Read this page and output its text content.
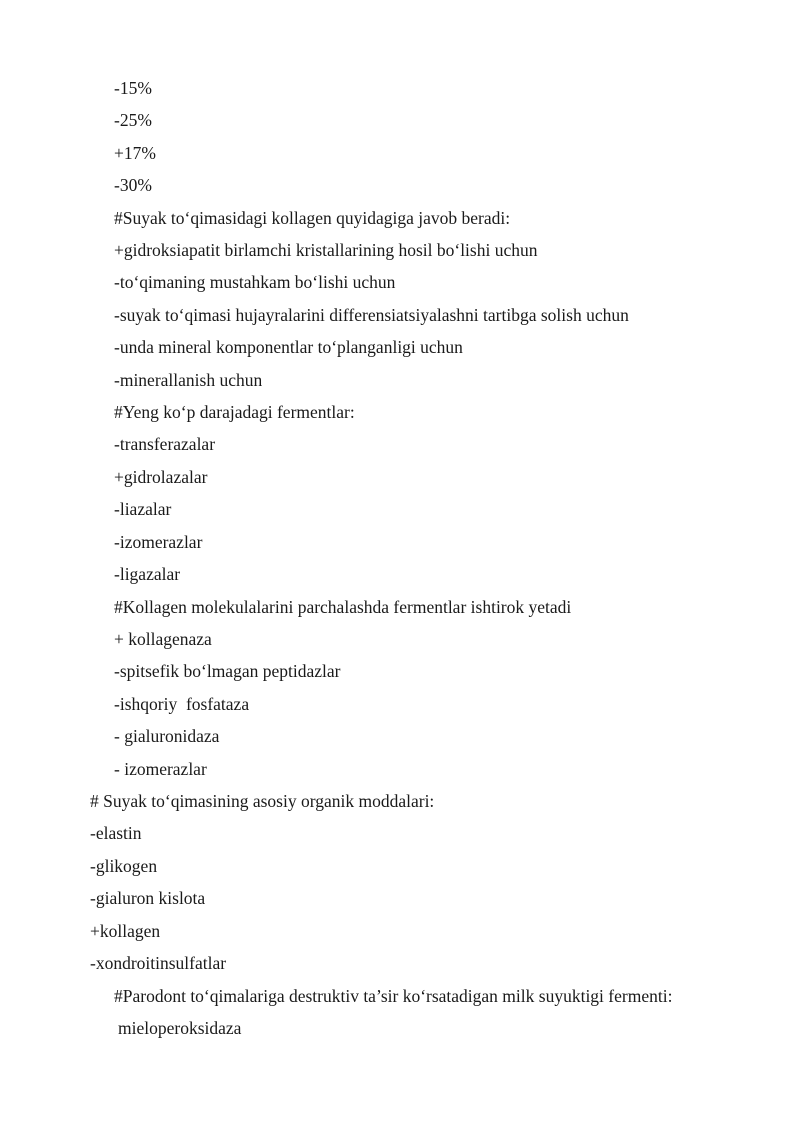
-15%
-25%
+17%
-30%
#Suyak to‘qimasidagi kollagen quyidagiga javob beradi:
+gidroksiapatit birlamchi kristallarining hosil bo‘lishi uchun
-to‘qimaning mustahkam bo‘lishi uchun
-suyak to‘qimasi hujayralarini differensiatsiyalashni tartibga solish uchun
-unda mineral komponentlar to‘planganligi uchun
-minerallanish uchun
#Yeng ko‘p darajadagi fermentlar:
-transferazalar
+gidrolazalar
-liazalar
-izomerazlar
-ligazalar
#Kollagen molekulalarini parchalashda fermentlar ishtirok yetadi
+ kollagenaza
-spitsefik bo‘lmagan peptidazlar
-ishqoriy  fosfataza
- gialuronidaza
- izomerazlar
# Suyak to‘qimasining asosiy organik moddalari:
-elastin
-glikogen
-gialuron kislota
+kollagen
-xondroitinsulfatlar
#Parodont to‘qimalariga destruktiv ta’sir ko‘rsatadigan milk suyuktigi fermenti:
mieloperoksidaza
